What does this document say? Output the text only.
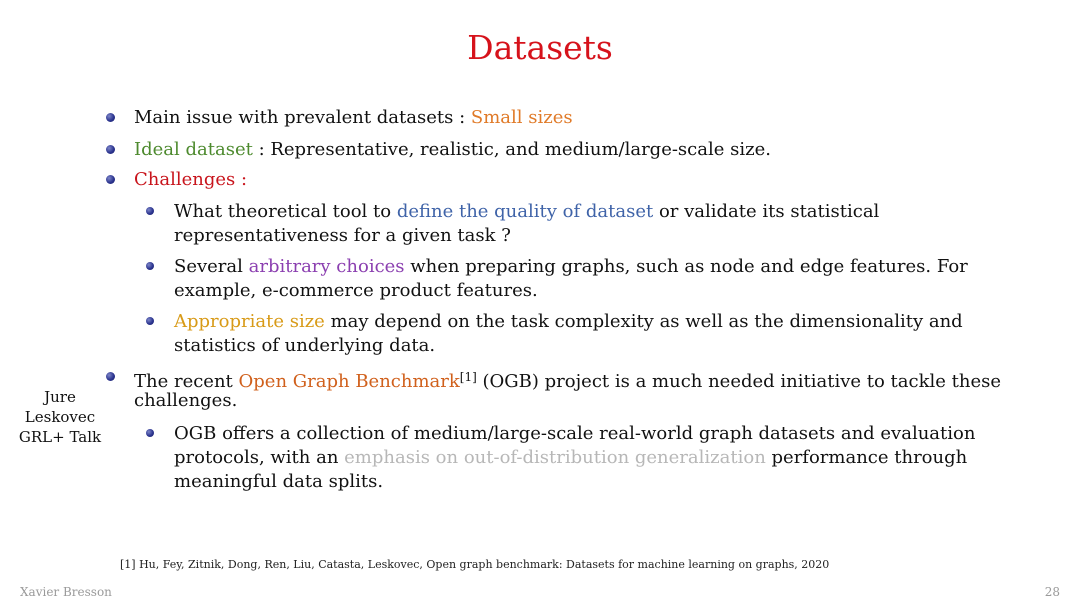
Datasets
Main issue with prevalent datasets : Small sizes
Ideal dataset : Representative, realistic, and medium/large-scale size.
Challenges :
What theoretical tool to define the quality of dataset or validate its statistical
representativeness for a given task ?
Several arbitrary choices when preparing graphs, such as node and edge features. For
example, e-commerce product features.
Appropriate size may depend on the task complexity as well as the dimensionality and
statistics of underlying data.
The recent Open Graph Benchmark[1] (OGB) project is a much needed initiative to tackle these
challenges.
OGB offers a collection of medium/large-scale real-world graph datasets and evaluation
protocols, with an emphasis on out-of-distribution generalization performance through
meaningful data splits.
Jure Leskovec
GRL+ Talk
[1] Hu, Fey, Zitnik, Dong, Ren, Liu, Catasta, Leskovec, Open graph benchmark: Datasets for machine learning on graphs, 2020
Xavier Bresson	28
